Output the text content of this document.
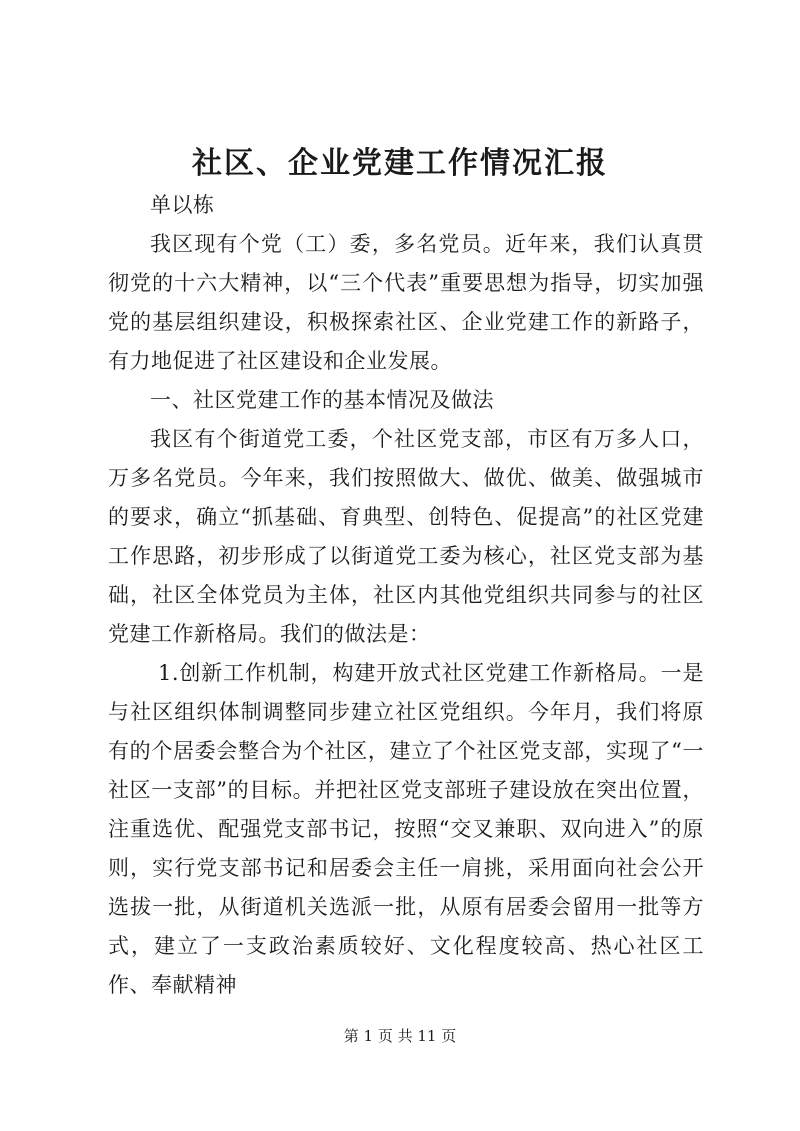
社区、企业党建工作情况汇报

单以栋

我区现有个党（工）委，多名党员。近年来，我们认真贯彻党的十六大精神，以“三个代表”重要思想为指导，切实加强党的基层组织建设，积极探索社区、企业党建工作的新路子，有力地促进了社区建设和企业发展。

一、社区党建工作的基本情况及做法

我区有个街道党工委，个社区党支部，市区有万多人口，万多名党员。今年来，我们按照做大、做优、做美、做强城市的要求，确立“抓基础、育典型、创特色、促提高”的社区党建工作思路，初步形成了以街道党工委为核心，社区党支部为基础，社区全体党员为主体，社区内其他党组织共同参与的社区党建工作新格局。我们的做法是：

1.创新工作机制，构建开放式社区党建工作新格局。一是与社区组织体制调整同步建立社区党组织。今年月，我们将原有的个居委会整合为个社区，建立了个社区党支部，实现了“一社区一支部”的目标。并把社区党支部班子建设放在突出位置，注重选优、配强党支部书记，按照“交叉兼职、双向进入”的原则，实行党支部书记和居委会主任一肩挑，采用面向社会公开选拔一批，从街道机关选派一批，从原有居委会留用一批等方式，建立了一支政治素质较好、文化程度较高、热心社区工作、奉献精神

第 1 页 共 11 页
